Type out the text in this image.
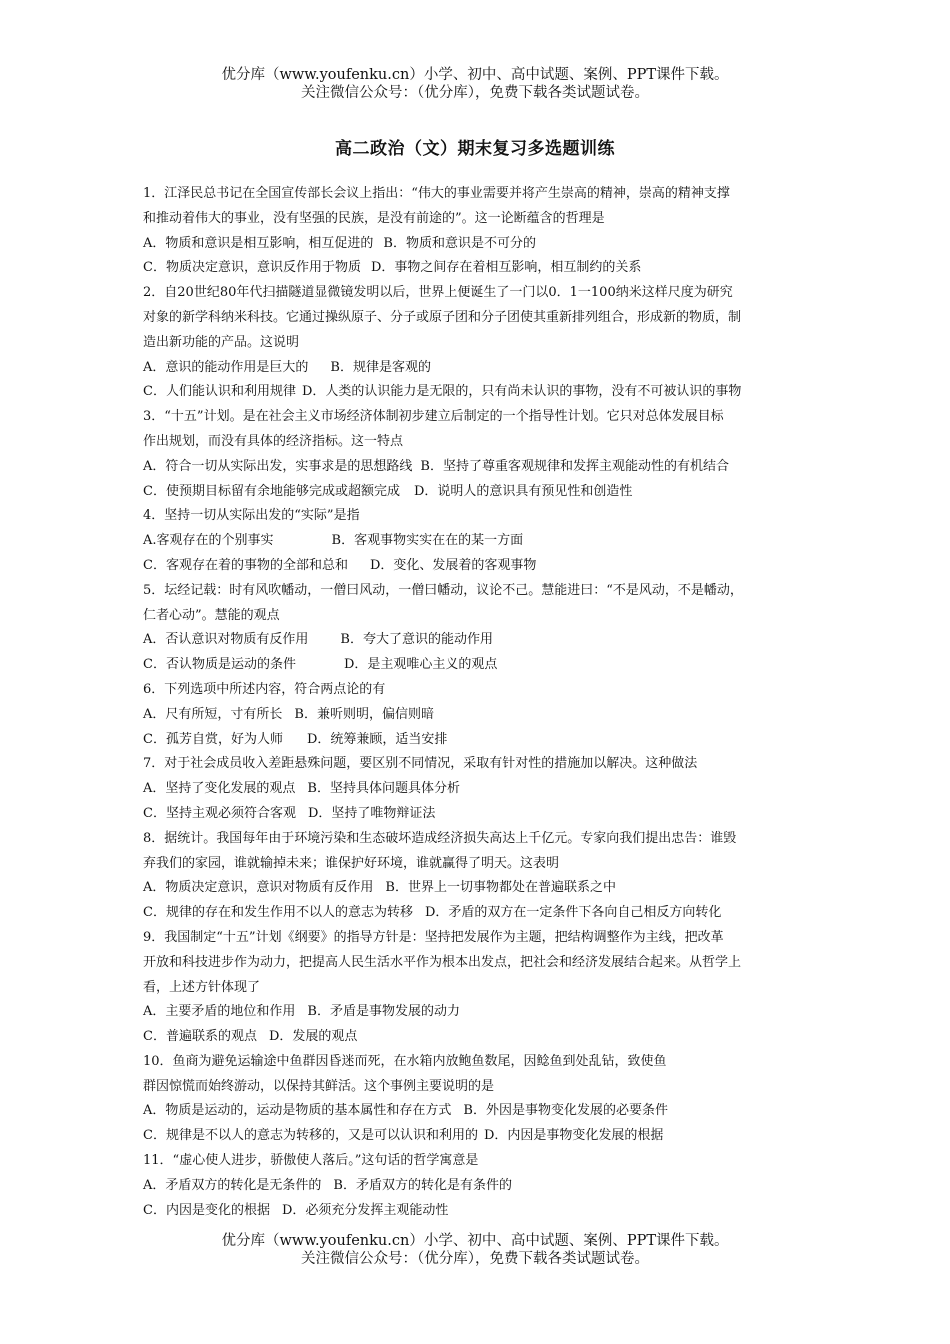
优分库（www.youfenku.cn）小学、初中、高中试题、案例、PPT课件下载。
关注微信公众号：（优分库），免费下载各类试题试卷。
高二政治（文）期末复习多选题训练
1．江泽民总书记在全国宣传部长会议上指出：“伟大的事业需要并将产生崇高的精神，崇高的精神支撑
和推动着伟大的事业，没有坚强的民族，是没有前途的”。这一论断蕴含的哲理是
A．物质和意识是相互影响，相互促进的 B．物质和意识是不可分的
C．物质决定意识，意识反作用于物质 D．事物之间存在着相互影响，相互制约的关系
2．自20世纪80年代扫描隧道显微镜发明以后，世界上便诞生了一门以0．1一100纳米这样尺度为研究
对象的新学科纳米科技。它通过操纵原子、分子或原子团和分子团使其重新排列组合，形成新的物质，制
造出新功能的产品。这说明
A．意识的能动作用是巨大的 B．规律是客观的
C．人们能认识和利用规律 D．人类的认识能力是无限的，只有尚未认识的事物，没有不可被认识的事物
3．“十五”计划。是在社会主义市场经济体制初步建立后制定的一个指导性计划。它只对总体发展目标
作出规划，而没有具体的经济指标。这一特点
A．符合一切从实际出发，实事求是的思想路线 B．坚持了尊重客观规律和发挥主观能动性的有机结合
C．使预期目标留有余地能够完成或超额完成 D．说明人的意识具有预见性和创造性
4．坚持一切从实际出发的“实际”是指
A.客观存在的个别事实	B．客观事物实实在在的某一方面
C．客观存在着的事物的全部和总和 D．变化、发展着的客观事物
5．坛经记载：时有风吹幡动，一僧曰风动，一僧曰幡动，议论不己。慧能进曰：“不是风动，不是幡动，
仁者心动”。慧能的观点
A．否认意识对物质有反作用 B．夸大了意识的能动作用
C．否认物质是运动的条件	D．是主观唯心主义的观点
6．下列选项中所述内容，符合两点论的有
A．尺有所短，寸有所长 B．兼听则明，偏信则暗
C．孤芳自赏，好为人师 D．统筹兼顾，适当安排
7．对于社会成员收入差距悬殊问题，要区别不同情况，采取有针对性的措施加以解决。这种做法
A．坚持了变化发展的观点 B．坚持具体问题具体分析
C．坚持主观必须符合客观 D．坚持了唯物辩证法
8．据统计。我国每年由于环境污染和生态破坏造成经济损失高达上千亿元。专家向我们提出忠告：谁毁
弃我们的家园，谁就输掉未来；谁保护好环境，谁就赢得了明天。这表明
A．物质决定意识，意识对物质有反作用 B．世界上一切事物都处在普遍联系之中
C．规律的存在和发生作用不以人的意志为转移 D．矛盾的双方在一定条件下各向自己相反方向转化
9．我国制定“十五”计划《纲要》的指导方针是：坚持把发展作为主题，把结构调整作为主线，把改革
开放和科技进步作为动力，把提高人民生活水平作为根本出发点，把社会和经济发展结合起来。从哲学上
看，上述方针体现了
A．主要矛盾的地位和作用 B．矛盾是事物发展的动力
C．普遍联系的观点 D．发展的观点
10．鱼商为避免运输途中鱼群因昏迷而死，在水箱内放鲍鱼数尾，因鲶鱼到处乱钻，致使鱼
群因惊慌而始终游动，以保持其鲜活。这个事例主要说明的是
A．物质是运动的，运动是物质的基本属性和存在方式 B．外因是事物变化发展的必要条件
C．规律是不以人的意志为转移的，又是可以认识和利用的 D．内因是事物变化发展的根据
11．“虚心使人进步，骄傲使人落后。”这句话的哲学寓意是
A．矛盾双方的转化是无条件的 B．矛盾双方的转化是有条件的
C．内因是变化的根据 D．必须充分发挥主观能动性
优分库（www.youfenku.cn）小学、初中、高中试题、案例、PPT课件下载。
关注微信公众号：（优分库），免费下载各类试题试卷。
